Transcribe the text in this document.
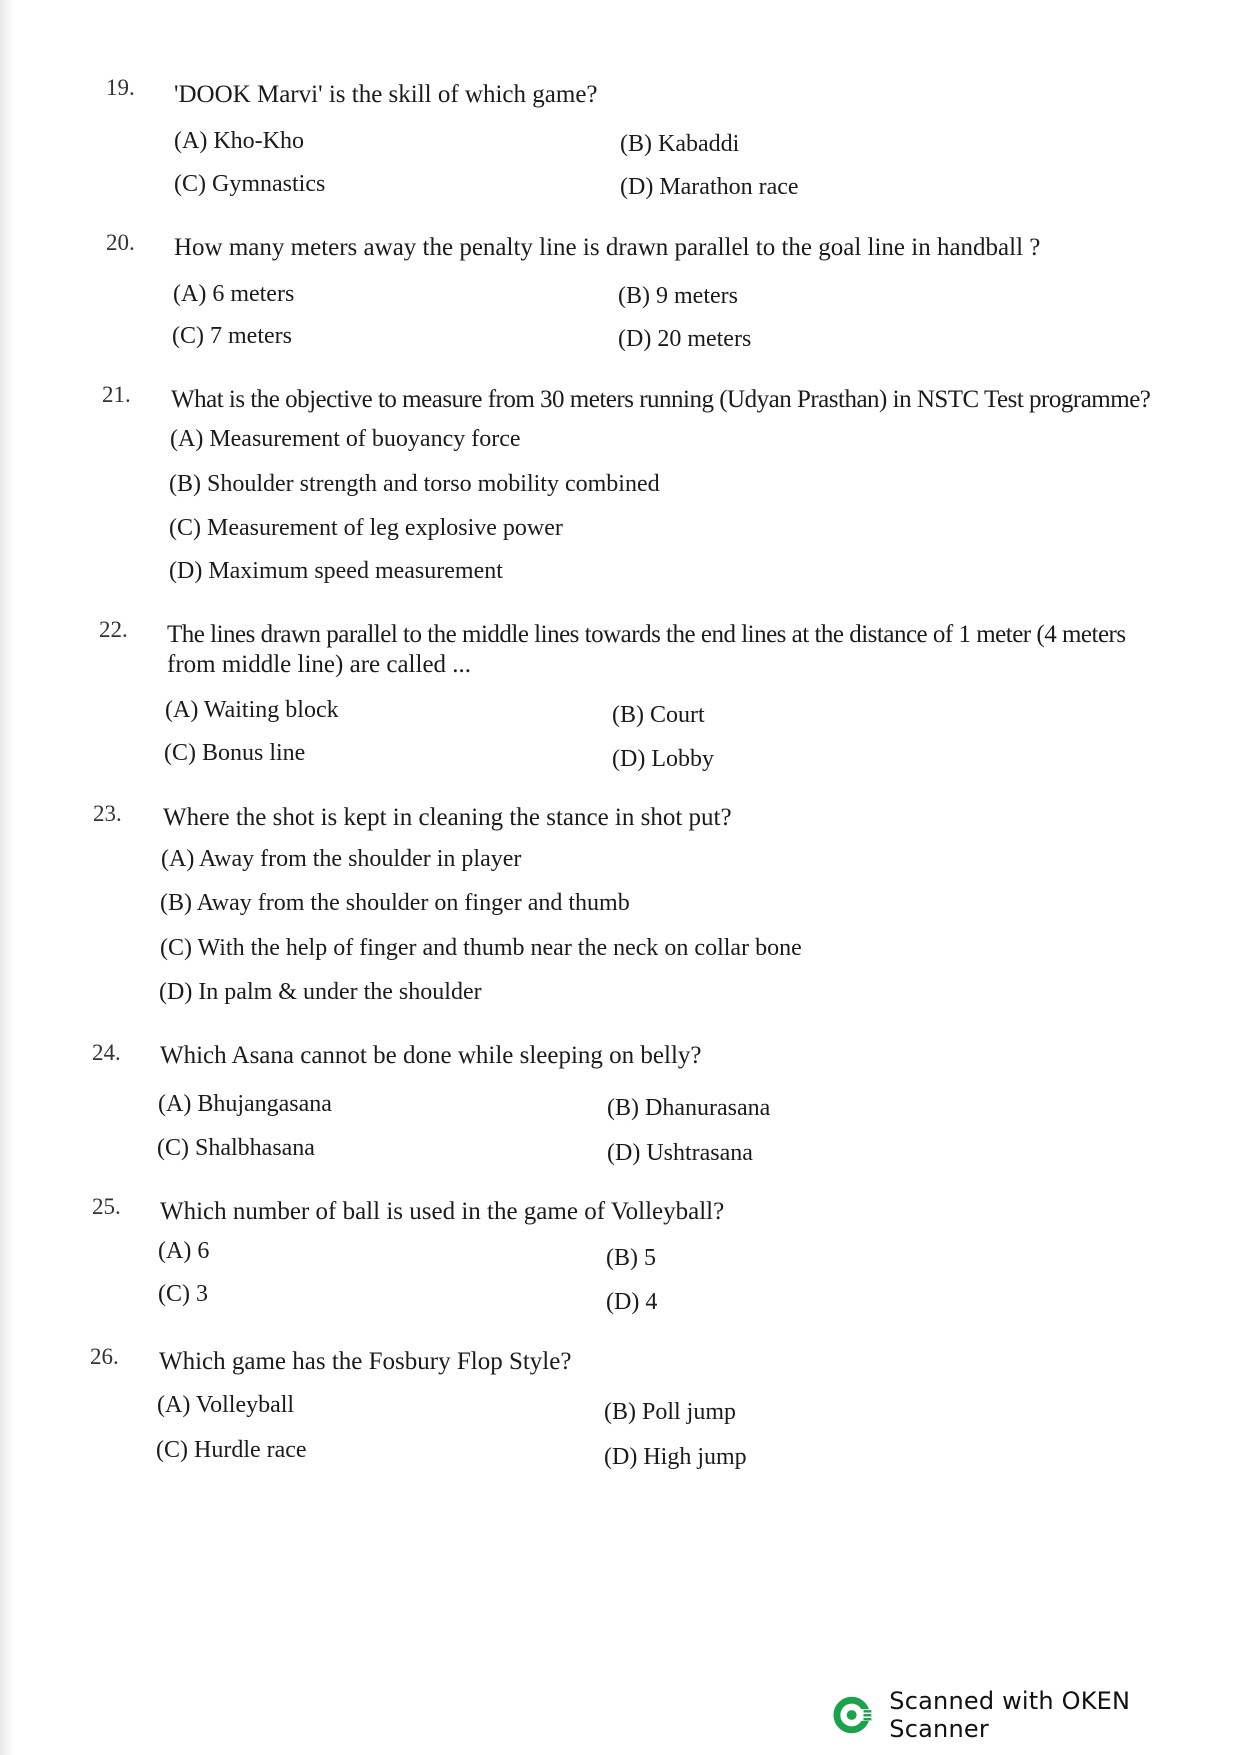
19.	'DOOK Marvi' is the skill of which game?
(A) Kho-Kho	(B) Kabaddi
(C) Gymnastics	(D) Marathon race
20.	How many meters away the penalty line is drawn parallel to the goal line in handball ?
(A) 6 meters	(B) 9 meters
(C) 7 meters	(D) 20 meters
21.	What is the objective to measure from 30 meters running (Udyan Prasthan) in NSTC Test programme?
(A) Measurement of buoyancy force
(B) Shoulder strength and torso mobility combined
(C) Measurement of leg explosive power
(D) Maximum speed measurement
22.	The lines drawn parallel to the middle lines towards the end lines at the distance of 1 meter (4 meters
from middle line) are called ...
(A) Waiting block	(B) Court
(C) Bonus line	(D) Lobby
23.	Where the shot is kept in cleaning the stance in shot put?
(A) Away from the shoulder in player
(B) Away from the shoulder on finger and thumb
(C) With the help of finger and thumb near the neck on collar bone
(D) In palm & under the shoulder
24.	Which Asana cannot be done while sleeping on belly?
(A) Bhujangasana	(B) Dhanurasana
(C) Shalbhasana	(D) Ushtrasana
25.	Which number of ball is used in the game of Volleyball?
(A) 6	(B) 5
(C) 3	(D) 4
26.	Which game has the Fosbury Flop Style?
(A) Volleyball	(B) Poll jump
(C) Hurdle race	(D) High jump
Scanned with OKEN Scanner
